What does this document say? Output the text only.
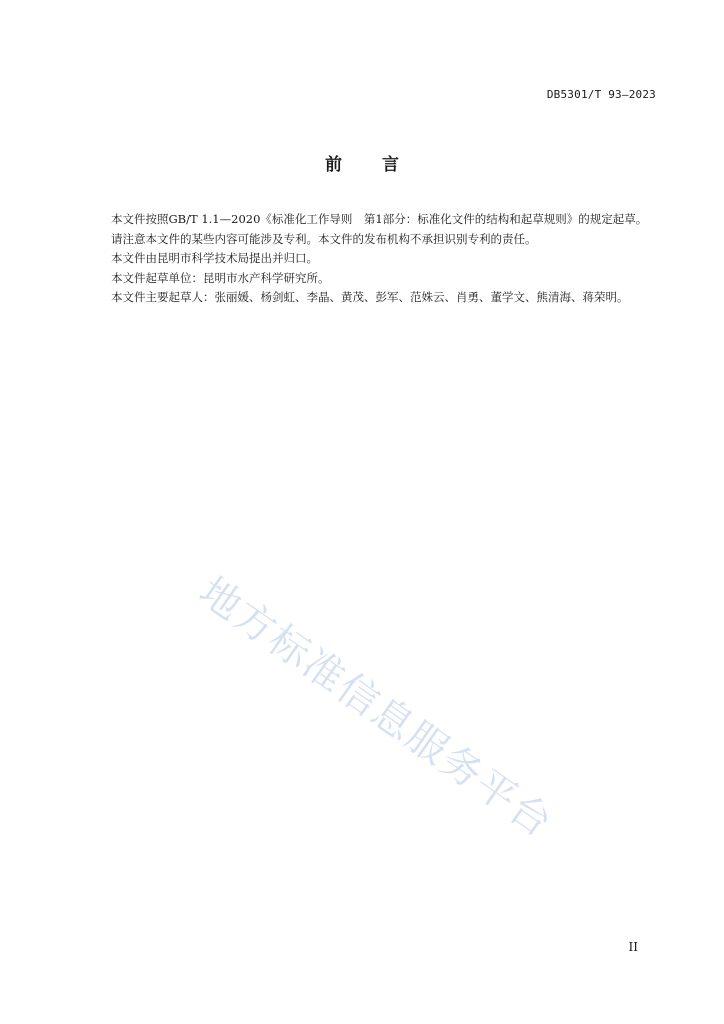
DB5301/T 93—2023
前 言

本文件按照GB/T 1.1—2020《标准化工作导则　第1部分：标准化文件的结构和起草规则》的规定起草。

请注意本文件的某些内容可能涉及专利。本文件的发布机构不承担识别专利的责任。

本文件由昆明市科学技术局提出并归口。

本文件起草单位：昆明市水产科学研究所。

本文件主要起草人：张丽媛、杨剑虹、李晶、黄茂、彭军、范姝云、肖勇、董学文、熊清海、蒋荣明。

地方标准信息服务平台
II
